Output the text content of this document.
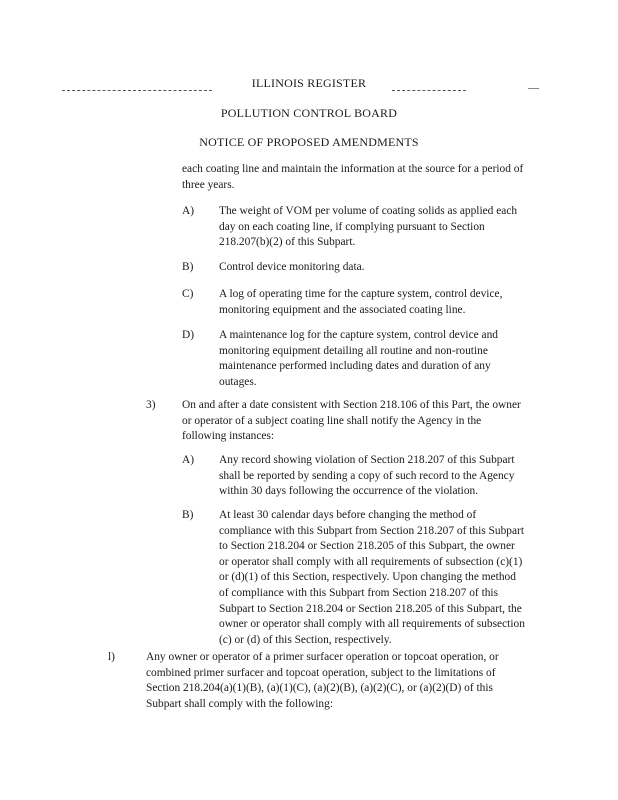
ILLINOIS REGISTER	—
POLLUTION CONTROL BOARD
NOTICE OF PROPOSED AMENDMENTS
each coating line and maintain the information at the source for a period of
three years.
A) The weight of VOM per volume of coating solids as applied each
day on each coating line, if complying pursuant to Section
218.207(b)(2) of this Subpart.
B) Control device monitoring data.
C) A log of operating time for the capture system, control device,
monitoring equipment and the associated coating line.
D) A maintenance log for the capture system, control device and
monitoring equipment detailing all routine and non-routine
maintenance performed including dates and duration of any
outages.
3) On and after a date consistent with Section 218.106 of this Part, the owner
or operator of a subject coating line shall notify the Agency in the
following instances:
A) Any record showing violation of Section 218.207 of this Subpart
shall be reported by sending a copy of such record to the Agency
within 30 days following the occurrence of the violation.
B) At least 30 calendar days before changing the method of
compliance with this Subpart from Section 218.207 of this Subpart
to Section 218.204 or Section 218.205 of this Subpart, the owner
or operator shall comply with all requirements of subsection (c)(1)
or (d)(1) of this Section, respectively. Upon changing the method
of compliance with this Subpart from Section 218.207 of this
Subpart to Section 218.204 or Section 218.205 of this Subpart, the
owner or operator shall comply with all requirements of subsection
(c) or (d) of this Section, respectively.
l)	Any owner or operator of a primer surfacer operation or topcoat operation, or
combined primer surfacer and topcoat operation, subject to the limitations of
Section 218.204(a)(1)(B), (a)(1)(C), (a)(2)(B), (a)(2)(C), or (a)(2)(D) of this
Subpart shall comply with the following:
